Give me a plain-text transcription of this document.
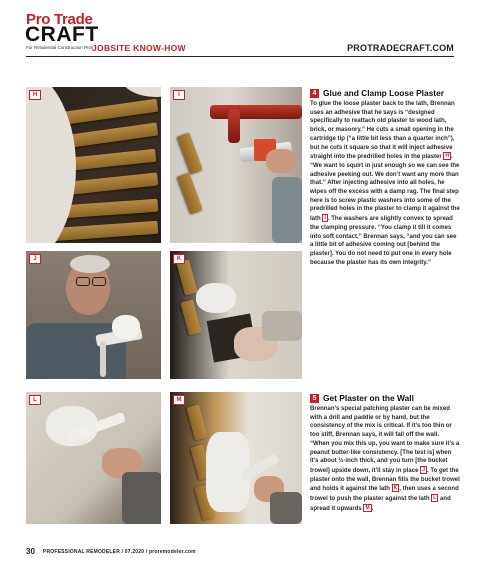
Pro Trade
CRAFT
For Residential Construction Pros
JOBSITE KNOW-HOW	PROTRADECRAFT.COM
H	I
J	K
L	M
4 Glue and Clamp Loose Plaster
To glue the loose plaster back to the lath, Brennan uses an adhesive that he says is “designed specifically to reattach old plaster to wood lath, brick, or masonry.” He cuts a small opening in the cartridge tip (“a little bit less than a quarter inch”), but he cuts it square so that it will inject adhesive straight into the predrilled holes in the plaster H . “We want to squirt in just enough so we can see the adhesive peeking out. We don’t want any more than that.” After injecting adhesive into all holes, he wipes off the excess with a damp rag. The final step here is to screw plastic washers into some of the predrilled holes in the plaster to clamp it against the lath I . The washers are slightly convex to spread the clamping pressure. “You clamp it till it comes into soft contact,” Brennan says, “and you can see a little bit of adhesive coming out [behind the plaster]. You do not need to put one in every hole because the plaster has its own integrity.”
5 Get Plaster on the Wall
Brennan’s special patching plaster can be mixed with a drill and paddle or by hand, but the consistency of the mix is critical. If it’s too thin or too stiff, Brennan says, it will fall off the wall. “When you mix this up, you want to make sure it’s a peanut butter-like consistency. [The test is] when it’s about ½-inch thick, and you turn [the bucket trowel] upside down, it’ll stay in place J . To get the plaster onto the wall, Brennan fills the bucket trowel and holds it against the lath K , then uses a second trowel to push the plaster against the lath L and spread it upwards M .
30 PROFESSIONAL REMODELER / 07.2020 / proremodeler.com
